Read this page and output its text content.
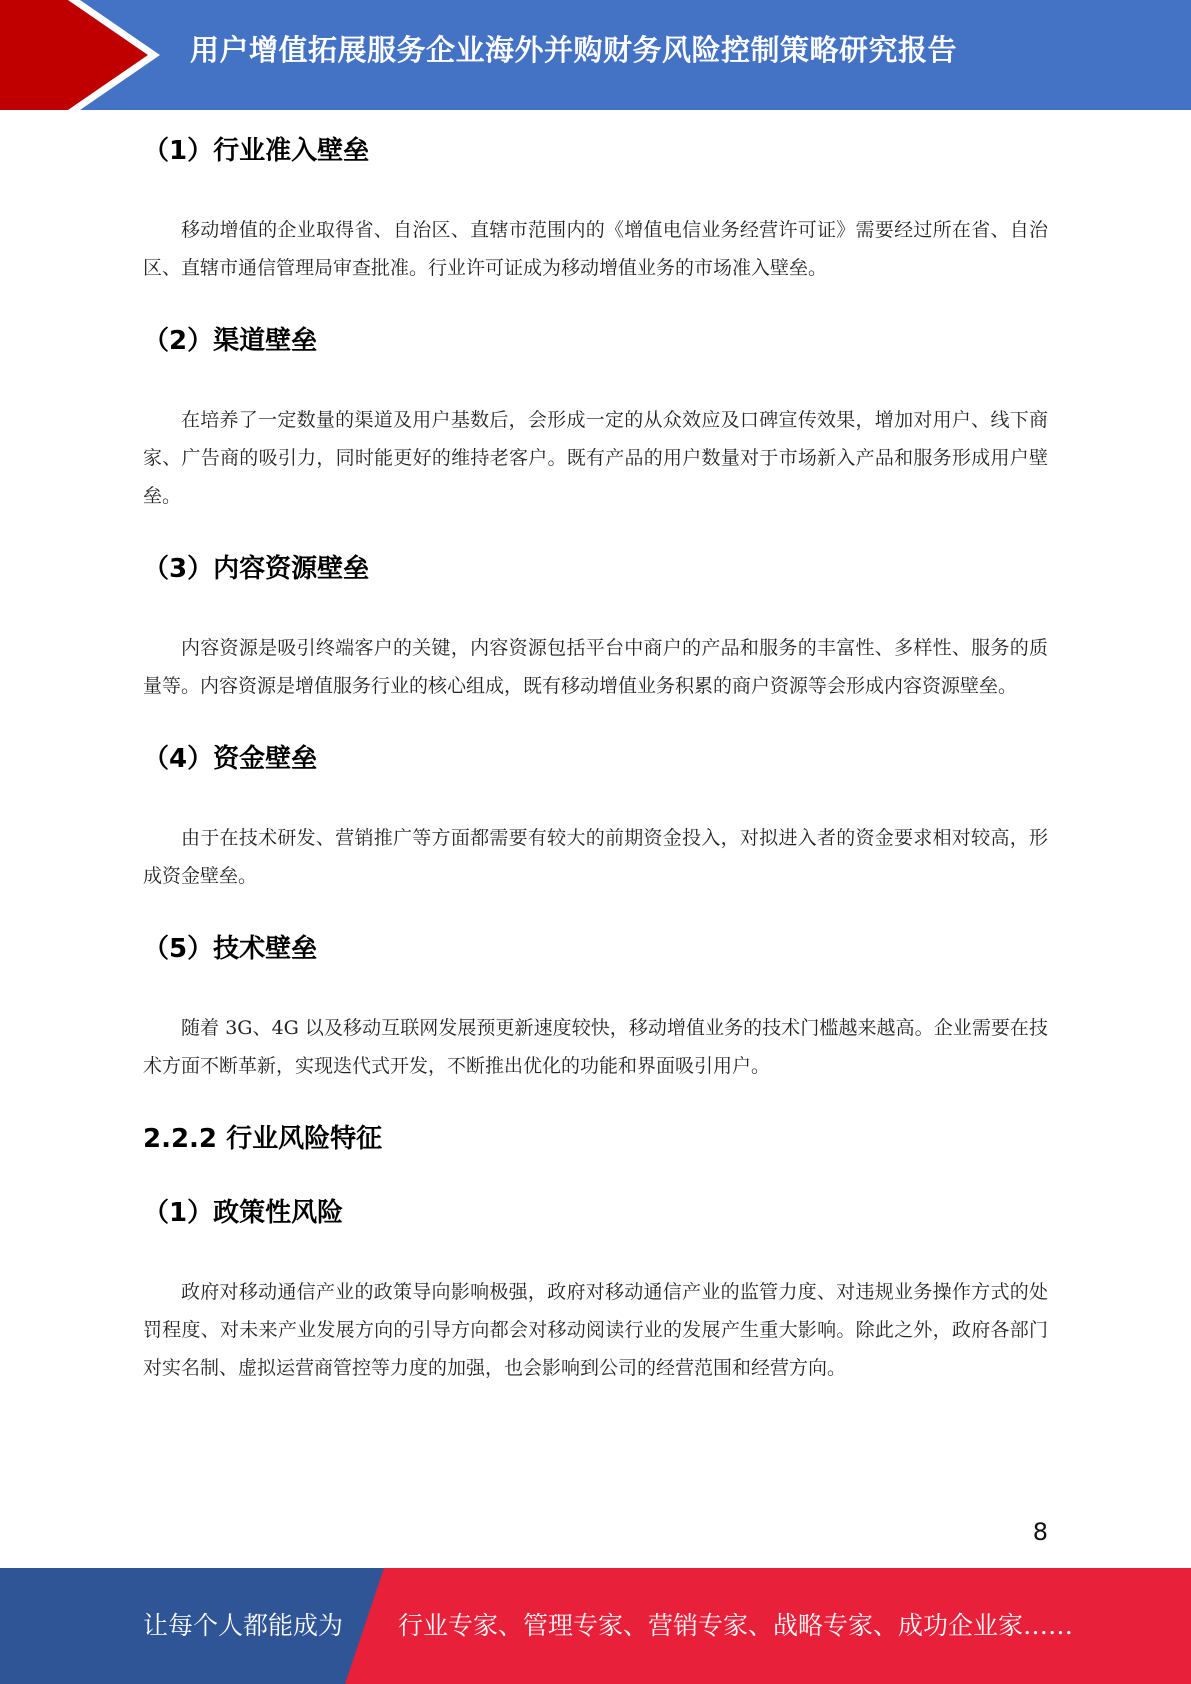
用户增值拓展服务企业海外并购财务风险控制策略研究报告
（1）行业准入壁垒

移动增值的企业取得省、自治区、直辖市范围内的《增值电信业务经营许可证》需要经过所在省、自治区、直辖市通信管理局审查批准。行业许可证成为移动增值业务的市场准入壁垒。

（2）渠道壁垒

在培养了一定数量的渠道及用户基数后，会形成一定的从众效应及口碑宣传效果，增加对用户、线下商家、广告商的吸引力，同时能更好的维持老客户。既有产品的用户数量对于市场新入产品和服务形成用户壁垒。

（3）内容资源壁垒

内容资源是吸引终端客户的关键，内容资源包括平台中商户的产品和服务的丰富性、多样性、服务的质量等。内容资源是增值服务行业的核心组成，既有移动增值业务积累的商户资源等会形成内容资源壁垒。

（4）资金壁垒

由于在技术研发、营销推广等方面都需要有较大的前期资金投入，对拟进入者的资金要求相对较高，形成资金壁垒。

（5）技术壁垒

随着 3G、4G 以及移动互联网发展预更新速度较快，移动增值业务的技术门槛越来越高。企业需要在技术方面不断革新，实现迭代式开发，不断推出优化的功能和界面吸引用户。

2.2.2 行业风险特征
（1）政策性风险

政府对移动通信产业的政策导向影响极强，政府对移动通信产业的监管力度、对违规业务操作方式的处罚程度、对未来产业发展方向的引导方向都会对移动阅读行业的发展产生重大影响。除此之外，政府各部门对实名制、虚拟运营商管控等力度的加强，也会影响到公司的经营范围和经营方向。

8
让每个人都能成为 行业专家、管理专家、营销专家、战略专家、成功企业家……
